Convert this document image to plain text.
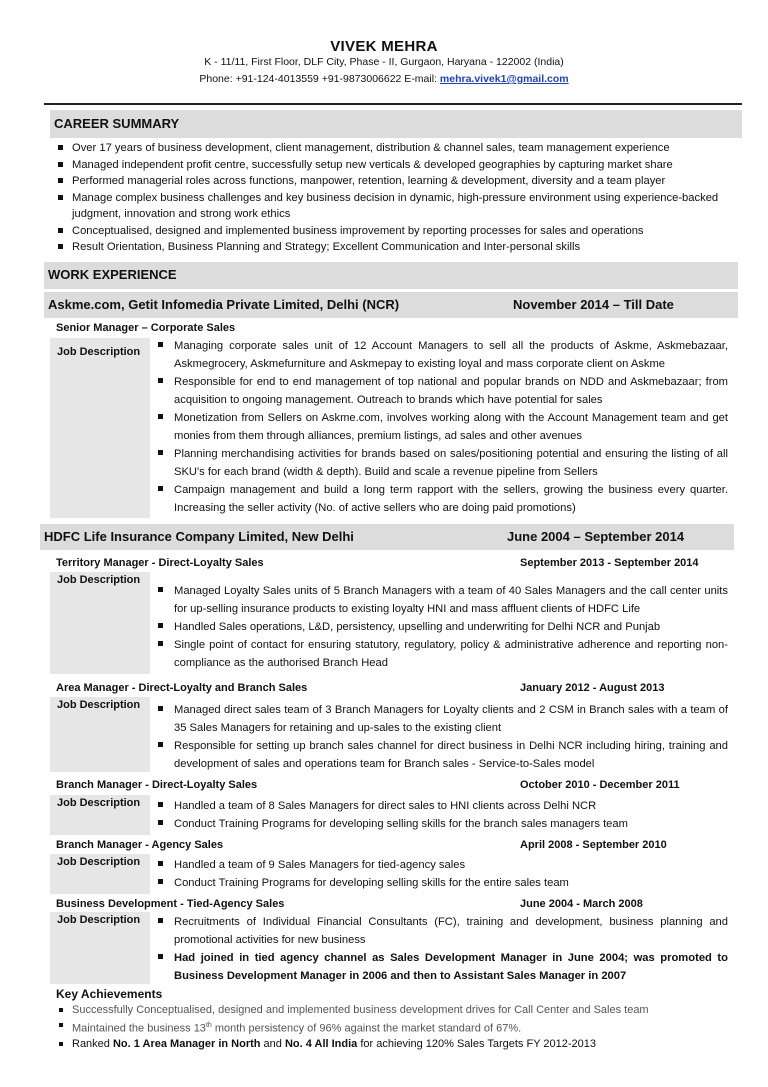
VIVEK MEHRA
K - 11/11, First Floor, DLF City, Phase - II, Gurgaon, Haryana - 122002 (India)
Phone: +91-124-4013559 +91-9873006622 E-mail: mehra.vivek1@gmail.com
CAREER SUMMARY
Over 17 years of business development, client management, distribution & channel sales, team management experience
Managed independent profit centre, successfully setup new verticals & developed geographies by capturing market share
Performed managerial roles across functions, manpower, retention, learning & development, diversity and a team player
Manage complex business challenges and key business decision in dynamic, high-pressure environment using experience-backed judgment, innovation and strong work ethics
Conceptualised, designed and implemented business improvement by reporting processes for sales and operations
Result Orientation, Business Planning and Strategy; Excellent Communication and Inter-personal skills
WORK EXPERIENCE
Askme.com, Getit Infomedia Private Limited, Delhi (NCR)	November 2014 – Till Date
Senior Manager – Corporate Sales
Job Description	Managing corporate sales unit of 12 Account Managers to sell all the products of Askme, Askmebazaar, Askmegrocery, Askmefurniture and Askmepay to existing loyal and mass corporate client on Askme
Responsible for end to end management of top national and popular brands on NDD and Askmebazaar; from acquisition to ongoing management. Outreach to brands which have potential for sales
Monetization from Sellers on Askme.com, involves working along with the Account Management team and get monies from them through alliances, premium listings, ad sales and other avenues
Planning merchandising activities for brands based on sales/positioning potential and ensuring the listing of all SKU's for each brand (width & depth). Build and scale a revenue pipeline from Sellers
Campaign management and build a long term rapport with the sellers, growing the business every quarter. Increasing the seller activity (No. of active sellers who are doing paid promotions)
HDFC Life Insurance Company Limited, New Delhi	June 2004 – September 2014
Territory Manager - Direct-Loyalty Sales	September 2013 - September 2014
Job Description
Managed Loyalty Sales units of 5 Branch Managers with a team of 40 Sales Managers and the call center units for up-selling insurance products to existing loyalty HNI and mass affluent clients of HDFC Life
Handled Sales operations, L&D, persistency, upselling and underwriting for Delhi NCR and Punjab
Single point of contact for ensuring statutory, regulatory, policy & administrative adherence and reporting non-compliance as the authorised Branch Head
Area Manager - Direct-Loyalty and Branch Sales	January 2012 - August 2013
Job Description	Managed direct sales team of 3 Branch Managers for Loyalty clients and 2 CSM in Branch sales with a team of 35 Sales Managers for retaining and up-sales to the existing client
Responsible for setting up branch sales channel for direct business in Delhi NCR including hiring, training and development of sales and operations team for Branch sales - Service-to-Sales model
Branch Manager - Direct-Loyalty Sales	October 2010 - December 2011
Job Description	Handled a team of 8 Sales Managers for direct sales to HNI clients across Delhi NCR
Conduct Training Programs for developing selling skills for the branch sales managers team
Branch Manager - Agency Sales	April 2008 - September 2010
Job Description	Handled a team of 9 Sales Managers for tied-agency sales
Conduct Training Programs for developing selling skills for the entire sales team
Business Development - Tied-Agency Sales	June 2004 - March 2008
Job Description	Recruitments of Individual Financial Consultants (FC), training and development, business planning and promotional activities for new business
Had joined in tied agency channel as Sales Development Manager in June 2004; was promoted to Business Development Manager in 2006 and then to Assistant Sales Manager in 2007
Key Achievements
Successfully Conceptualised, designed and implemented business development drives for Call Center and Sales team
Maintained the business 13th month persistency of 96% against the market standard of 67%.
Ranked No. 1 Area Manager in North and No. 4 All India for achieving 120% Sales Targets FY 2012-2013
